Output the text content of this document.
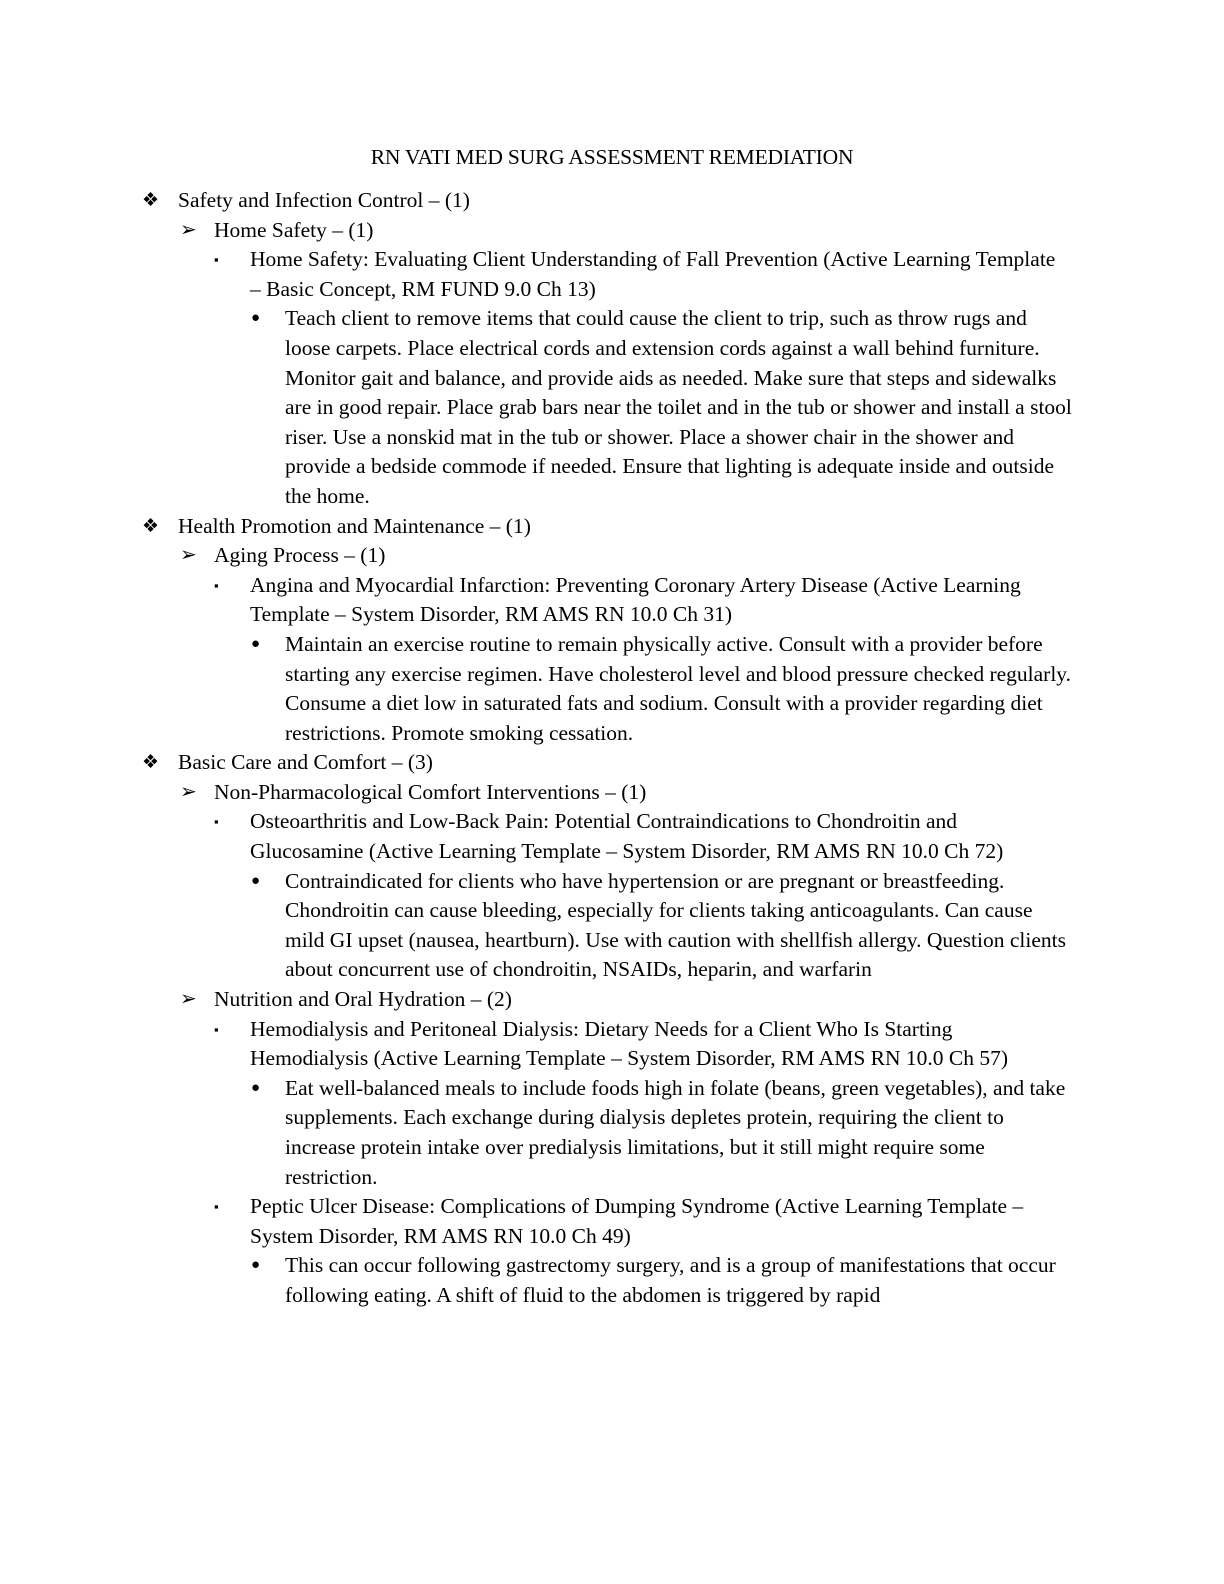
RN VATI MED SURG ASSESSMENT REMEDIATION
❖ Safety and Infection Control – (1)
➢ Home Safety – (1)
▪ Home Safety: Evaluating Client Understanding of Fall Prevention (Active Learning Template – Basic Concept, RM FUND 9.0 Ch 13)
● Teach client to remove items that could cause the client to trip, such as throw rugs and loose carpets. Place electrical cords and extension cords against a wall behind furniture. Monitor gait and balance, and provide aids as needed. Make sure that steps and sidewalks are in good repair. Place grab bars near the toilet and in the tub or shower and install a stool riser. Use a nonskid mat in the tub or shower. Place a shower chair in the shower and provide a bedside commode if needed. Ensure that lighting is adequate inside and outside the home.
❖ Health Promotion and Maintenance – (1)
➢ Aging Process – (1)
▪ Angina and Myocardial Infarction: Preventing Coronary Artery Disease (Active Learning Template – System Disorder, RM AMS RN 10.0 Ch 31)
● Maintain an exercise routine to remain physically active. Consult with a provider before starting any exercise regimen. Have cholesterol level and blood pressure checked regularly. Consume a diet low in saturated fats and sodium. Consult with a provider regarding diet restrictions. Promote smoking cessation.
❖ Basic Care and Comfort – (3)
➢ Non-Pharmacological Comfort Interventions – (1)
▪ Osteoarthritis and Low-Back Pain: Potential Contraindications to Chondroitin and Glucosamine (Active Learning Template – System Disorder, RM AMS RN 10.0 Ch 72)
● Contraindicated for clients who have hypertension or are pregnant or breastfeeding. Chondroitin can cause bleeding, especially for clients taking anticoagulants. Can cause mild GI upset (nausea, heartburn). Use with caution with shellfish allergy. Question clients about concurrent use of chondroitin, NSAIDs, heparin, and warfarin
➢ Nutrition and Oral Hydration – (2)
▪ Hemodialysis and Peritoneal Dialysis: Dietary Needs for a Client Who Is Starting Hemodialysis (Active Learning Template – System Disorder, RM AMS RN 10.0 Ch 57)
● Eat well-balanced meals to include foods high in folate (beans, green vegetables), and take supplements. Each exchange during dialysis depletes protein, requiring the client to increase protein intake over predialysis limitations, but it still might require some restriction.
▪ Peptic Ulcer Disease: Complications of Dumping Syndrome (Active Learning Template – System Disorder, RM AMS RN 10.0 Ch 49)
● This can occur following gastrectomy surgery, and is a group of manifestations that occur following eating. A shift of fluid to the abdomen is triggered by rapid
